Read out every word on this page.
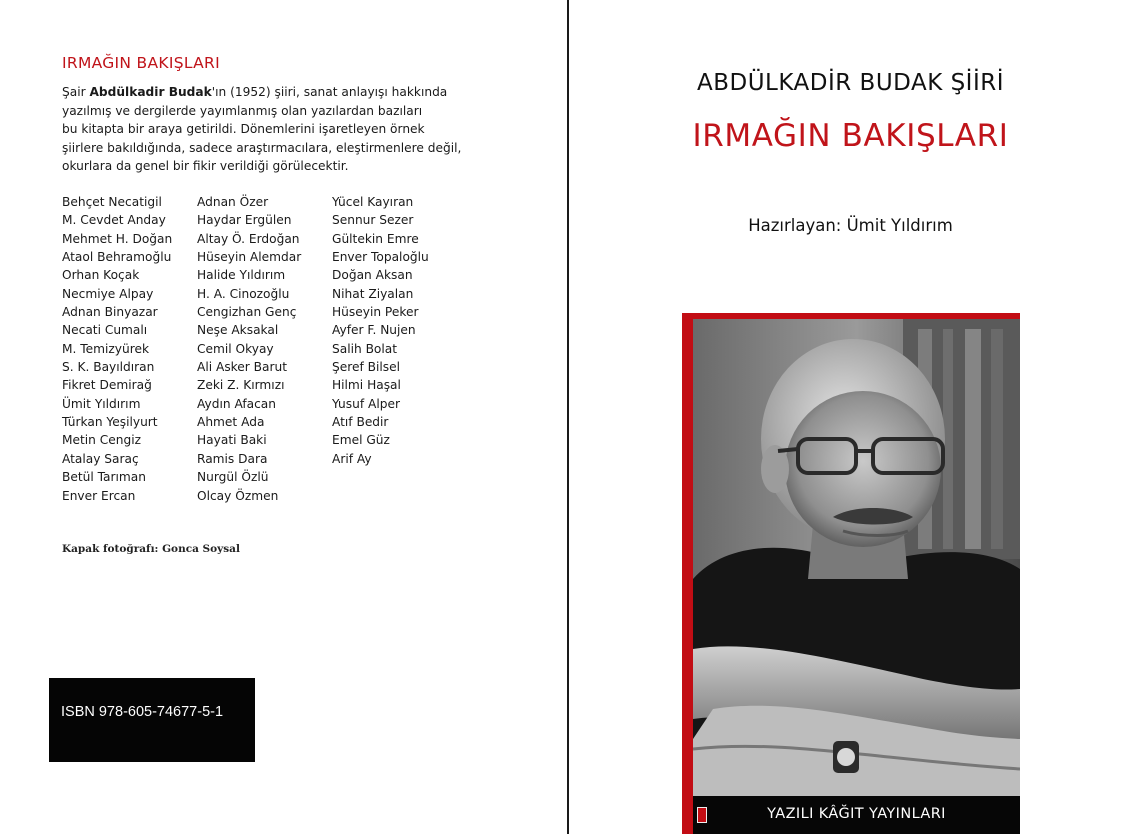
IRMAĞIN BAKIŞLARI
Şair Abdülkadir Budak'ın (1952) şiiri, sanat anlayışı hakkında
yazılmış ve dergilerde yayımlanmış olan yazılardan bazıları
bu kitapta bir araya getirildi. Dönemlerini işaretleyen örnek
şiirlere bakıldığında, sadece araştırmacılara, eleştirmenlere değil,
okurlara da genel bir fikir verildiği görülecektir.
Behçet Necatigil
M. Cevdet Anday
Mehmet H. Doğan
Ataol Behramoğlu
Orhan Koçak
Necmiye Alpay
Adnan Binyazar
Necati Cumalı
M. Temizyürek
S. K. Bayıldıran
Fikret Demirağ
Ümit Yıldırım
Türkan Yeşilyurt
Metin Cengiz
Atalay Saraç
Betül Tarıman
Enver Ercan
Adnan Özer
Haydar Ergülen
Altay Ö. Erdoğan
Hüseyin Alemdar
Halide Yıldırım
H. A. Cinozoğlu
Cengizhan Genç
Neşe Aksakal
Cemil Okyay
Ali Asker Barut
Zeki Z. Kırmızı
Aydın Afacan
Ahmet Ada
Hayati Baki
Ramis Dara
Nurgül Özlü
Olcay Özmen
Yücel Kayıran
Sennur Sezer
Gültekin Emre
Enver Topaloğlu
Doğan Aksan
Nihat Ziyalan
Hüseyin Peker
Ayfer F. Nujen
Salih Bolat
Şeref Bilsel
Hilmi Haşal
Yusuf Alper
Atıf Bedir
Emel Güz
Arif Ay
Kapak fotoğrafı: Gonca Soysal
ISBN 978-605-74677-5-1
ABDÜLKADİR BUDAK ŞİİRİ
IRMAĞIN BAKIŞLARI
Hazırlayan: Ümit Yıldırım
YAZILI KÂĞIT YAYINLARI
